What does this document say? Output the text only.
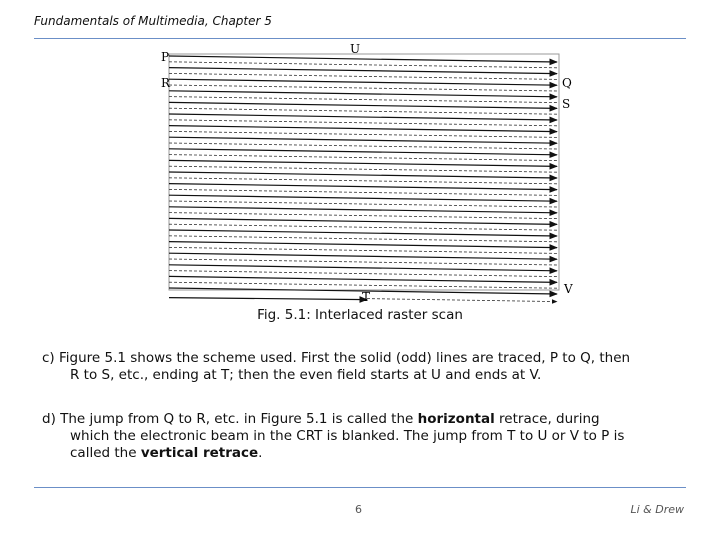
Fundamentals of Multimedia, Chapter 5
P
R
U
Q
S
T
V
Fig. 5.1: Interlaced raster scan
c) Figure 5.1 shows the scheme used. First the solid (odd) lines are traced, P to Q, then
R to S, etc., ending at T; then the even field starts at U and ends at V.
d) The jump from Q to R, etc. in Figure 5.1 is called the horizontal retrace, during
which the electronic beam in the CRT is blanked. The jump from T to U or V to P is
called the vertical retrace.
6	Li & Drew
